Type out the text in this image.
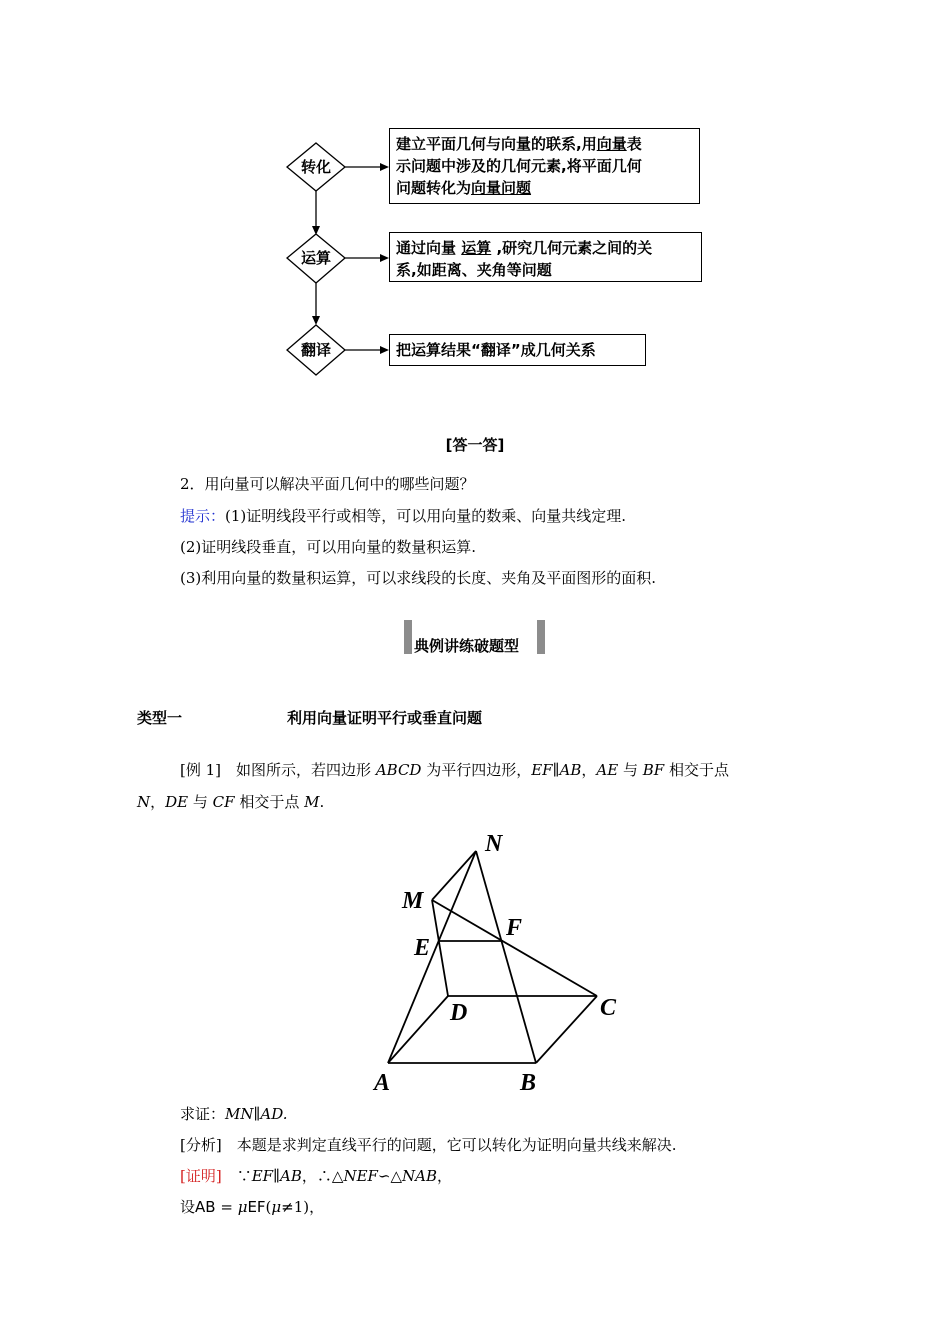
转化
运算
翻译
建立平面几何与向量的联系,用向量表
示问题中涉及的几何元素,将平面几何
问题转化为向量问题
通过向量 运算 ,研究几何元素之间的关
系,如距离、夹角等问题
把运算结果“翻译”成几何关系
[答一答]
2．用向量可以解决平面几何中的哪些问题？
提示：(1)证明线段平行或相等，可以用向量的数乘、向量共线定理.
(2)证明线段垂直，可以用向量的数量积运算.
(3)利用向量的数量积运算，可以求线段的长度、夹角及平面图形的面积.
典例讲练破题型
类型一	利用向量证明平行或垂直问题
[例 1]　如图所示，若四边形 ABCD 为平行四边形，EF∥AB，AE 与 BF 相交于点
N，DE 与 CF 相交于点 M.
N
M
F
E
D	C
A	B
求证：MN∥AD.
[分析]　本题是求判定直线平行的问题，它可以转化为证明向量共线来解决.
[证明]　∵EF∥AB，∴△NEF∽△NAB，
设AB = μEF(μ≠1)，
